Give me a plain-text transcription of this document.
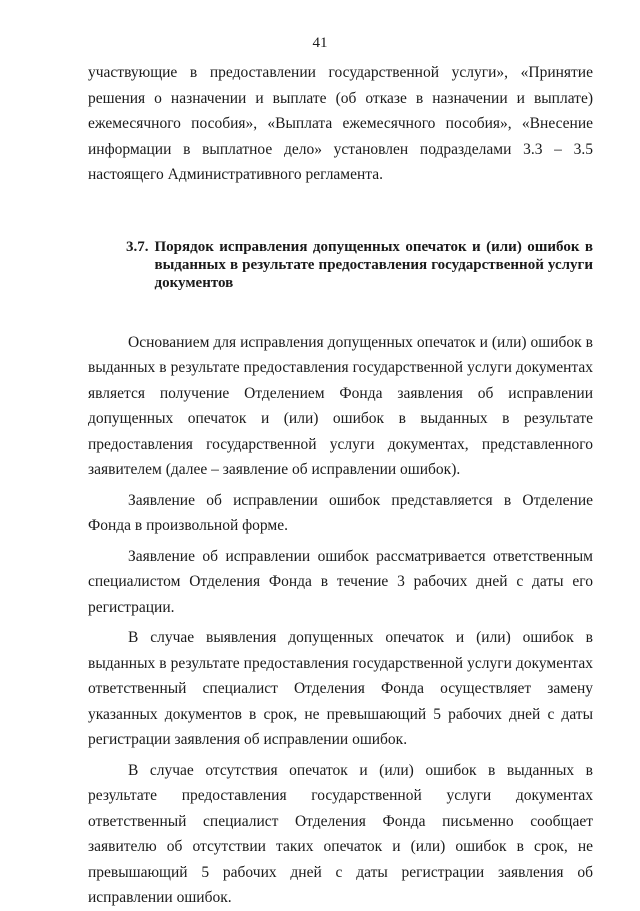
41

участвующие в предоставлении государственной услуги», «Принятие решения о назначении и выплате (об отказе в назначении и выплате) ежемесячного пособия», «Выплата ежемесячного пособия», «Внесение информации в выплатное дело» установлен подразделами 3.3 – 3.5 настоящего Административного регламента.

3.7. Порядок исправления допущенных опечаток и (или) ошибок в выданных в результате предоставления государственной услуги документов

Основанием для исправления допущенных опечаток и (или) ошибок в выданных в результате предоставления государственной услуги документах является получение Отделением Фонда заявления об исправлении допущенных опечаток и (или) ошибок в выданных в результате предоставления государственной услуги документах, представленного заявителем (далее – заявление об исправлении ошибок).

Заявление об исправлении ошибок представляется в Отделение Фонда в произвольной форме.

Заявление об исправлении ошибок рассматривается ответственным специалистом Отделения Фонда в течение 3 рабочих дней с даты его регистрации.

В случае выявления допущенных опечаток и (или) ошибок в выданных в результате предоставления государственной услуги документах ответственный специалист Отделения Фонда осуществляет замену указанных документов в срок, не превышающий 5 рабочих дней с даты регистрации заявления об исправлении ошибок.

В случае отсутствия опечаток и (или) ошибок в выданных в результате предоставления государственной услуги документах ответственный специалист Отделения Фонда письменно сообщает заявителю об отсутствии таких опечаток и (или) ошибок в срок, не превышающий 5 рабочих дней с даты регистрации заявления об исправлении ошибок.
